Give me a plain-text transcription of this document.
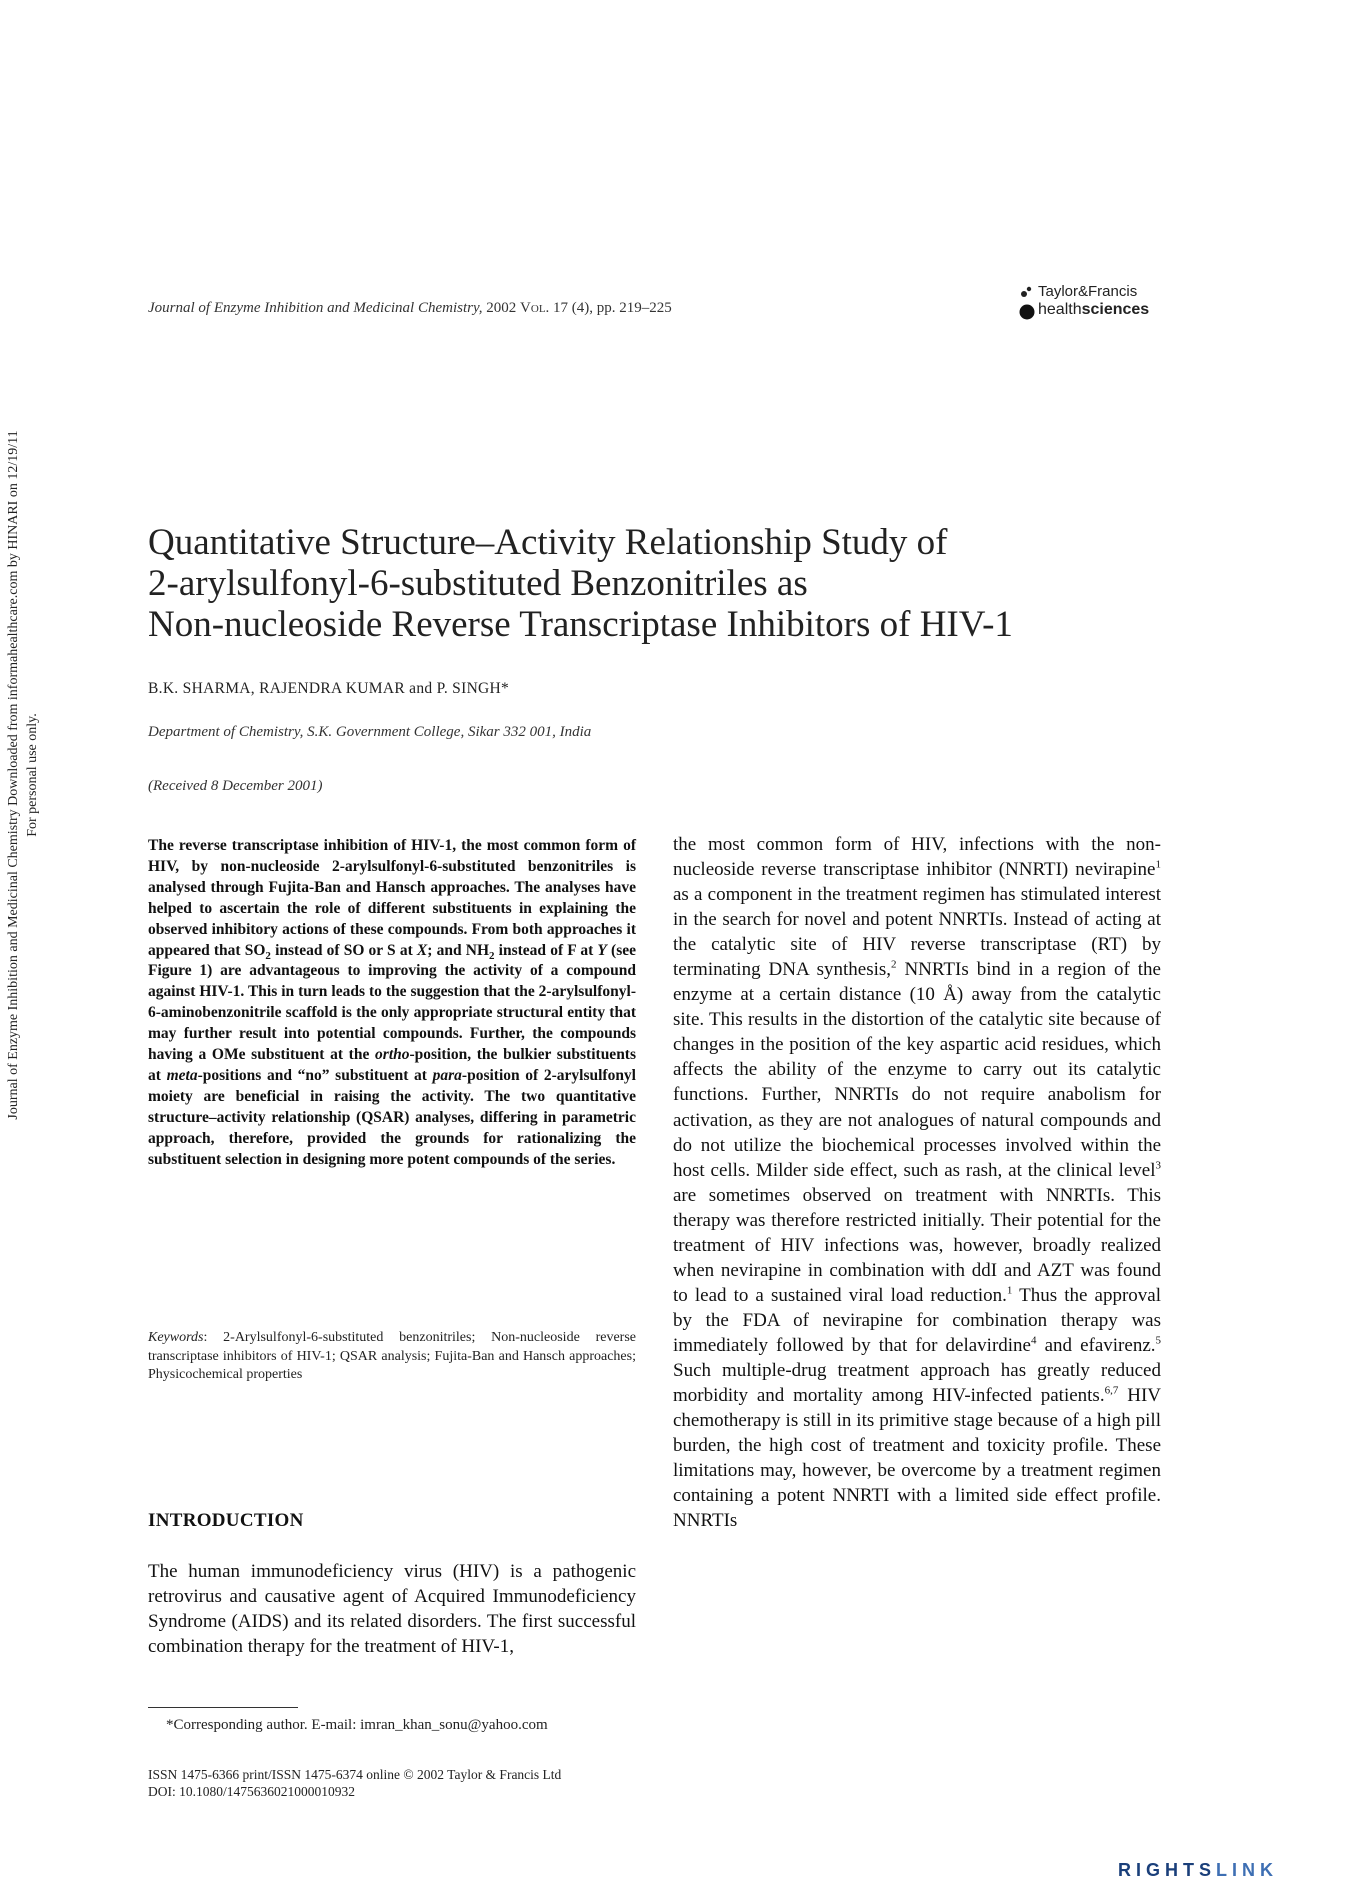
Journal of Enzyme Inhibition and Medicinal Chemistry, 2002 Vol. 17 (4), pp. 219–225
Taylor&Francis
healthsciences
Journal of Enzyme Inhibition and Medicinal Chemistry Downloaded from informahealthcare.com by HINARI on 12/19/11 For personal use only.
Quantitative Structure–Activity Relationship Study of
2-arylsulfonyl-6-substituted Benzonitriles as
Non-nucleoside Reverse Transcriptase Inhibitors of HIV-1
B.K. SHARMA, RAJENDRA KUMAR and P. SINGH*
Department of Chemistry, S.K. Government College, Sikar 332 001, India
(Received 8 December 2001)
The reverse transcriptase inhibition of HIV-1, the most common form of HIV, by non-nucleoside 2-arylsulfonyl-6-substituted benzonitriles is analysed through Fujita-Ban and Hansch approaches. The analyses have helped to ascertain the role of different substituents in explaining the observed inhibitory actions of these compounds. From both approaches it appeared that $SO_2$ instead of SO or S at X; and $NH_2$ instead of F at Y (see Figure 1) are advantageous to improving the activity of a compound against HIV-1. This in turn leads to the suggestion that the 2-arylsulfonyl-6-aminobenzonitrile scaffold is the only appropriate structural entity that may further result into potential compounds. Further, the compounds having a OMe substituent at the ortho-position, the bulkier substituents at meta-positions and “no” substituent at para-position of 2-arylsulfonyl moiety are beneficial in raising the activity. The two quantitative structure–activity relationship (QSAR) analyses, differing in parametric approach, therefore, provided the grounds for rationalizing the substituent selection in designing more potent compounds of the series.
Keywords: 2-Arylsulfonyl-6-substituted benzonitriles; Non-nucleoside reverse transcriptase inhibitors of HIV-1; QSAR analysis; Fujita-Ban and Hansch approaches; Physicochemical properties
INTRODUCTION
The human immunodeficiency virus (HIV) is a pathogenic retrovirus and causative agent of Acquired Immunodeficiency Syndrome (AIDS) and its related disorders. The first successful combination therapy for the treatment of HIV-1,
the most common form of HIV, infections with the non-nucleoside reverse transcriptase inhibitor (NNRTI) nevirapine$^1$ as a component in the treatment regimen has stimulated interest in the search for novel and potent NNRTIs. Instead of acting at the catalytic site of HIV reverse transcriptase (RT) by terminating DNA synthesis,$^2$ NNRTIs bind in a region of the enzyme at a certain distance (10 Å) away from the catalytic site. This results in the distortion of the catalytic site because of changes in the position of the key aspartic acid residues, which affects the ability of the enzyme to carry out its catalytic functions. Further, NNRTIs do not require anabolism for activation, as they are not analogues of natural compounds and do not utilize the biochemical processes involved within the host cells. Milder side effect, such as rash, at the clinical level$^3$ are sometimes observed on treatment with NNRTIs. This therapy was therefore restricted initially. Their potential for the treatment of HIV infections was, however, broadly realized when nevirapine in combination with ddI and AZT was found to lead to a sustained viral load reduction.$^1$ Thus the approval by the FDA of nevirapine for combination therapy was immediately followed by that for delavirdine$^4$ and efavirenz.$^5$ Such multiple-drug treatment approach has greatly reduced morbidity and mortality among HIV-infected patients.$^{6,7}$ HIV chemotherapy is still in its primitive stage because of a high pill burden, the high cost of treatment and toxicity profile. These limitations may, however, be overcome by a treatment regimen containing a potent NNRTI with a limited side effect profile. NNRTIs
*Corresponding author. E-mail: imran_khan_sonu@yahoo.com
ISSN 1475-6366 print/ISSN 1475-6374 online © 2002 Taylor & Francis Ltd
DOI: 10.1080/1475636021000010932
RIGHTSLINK
